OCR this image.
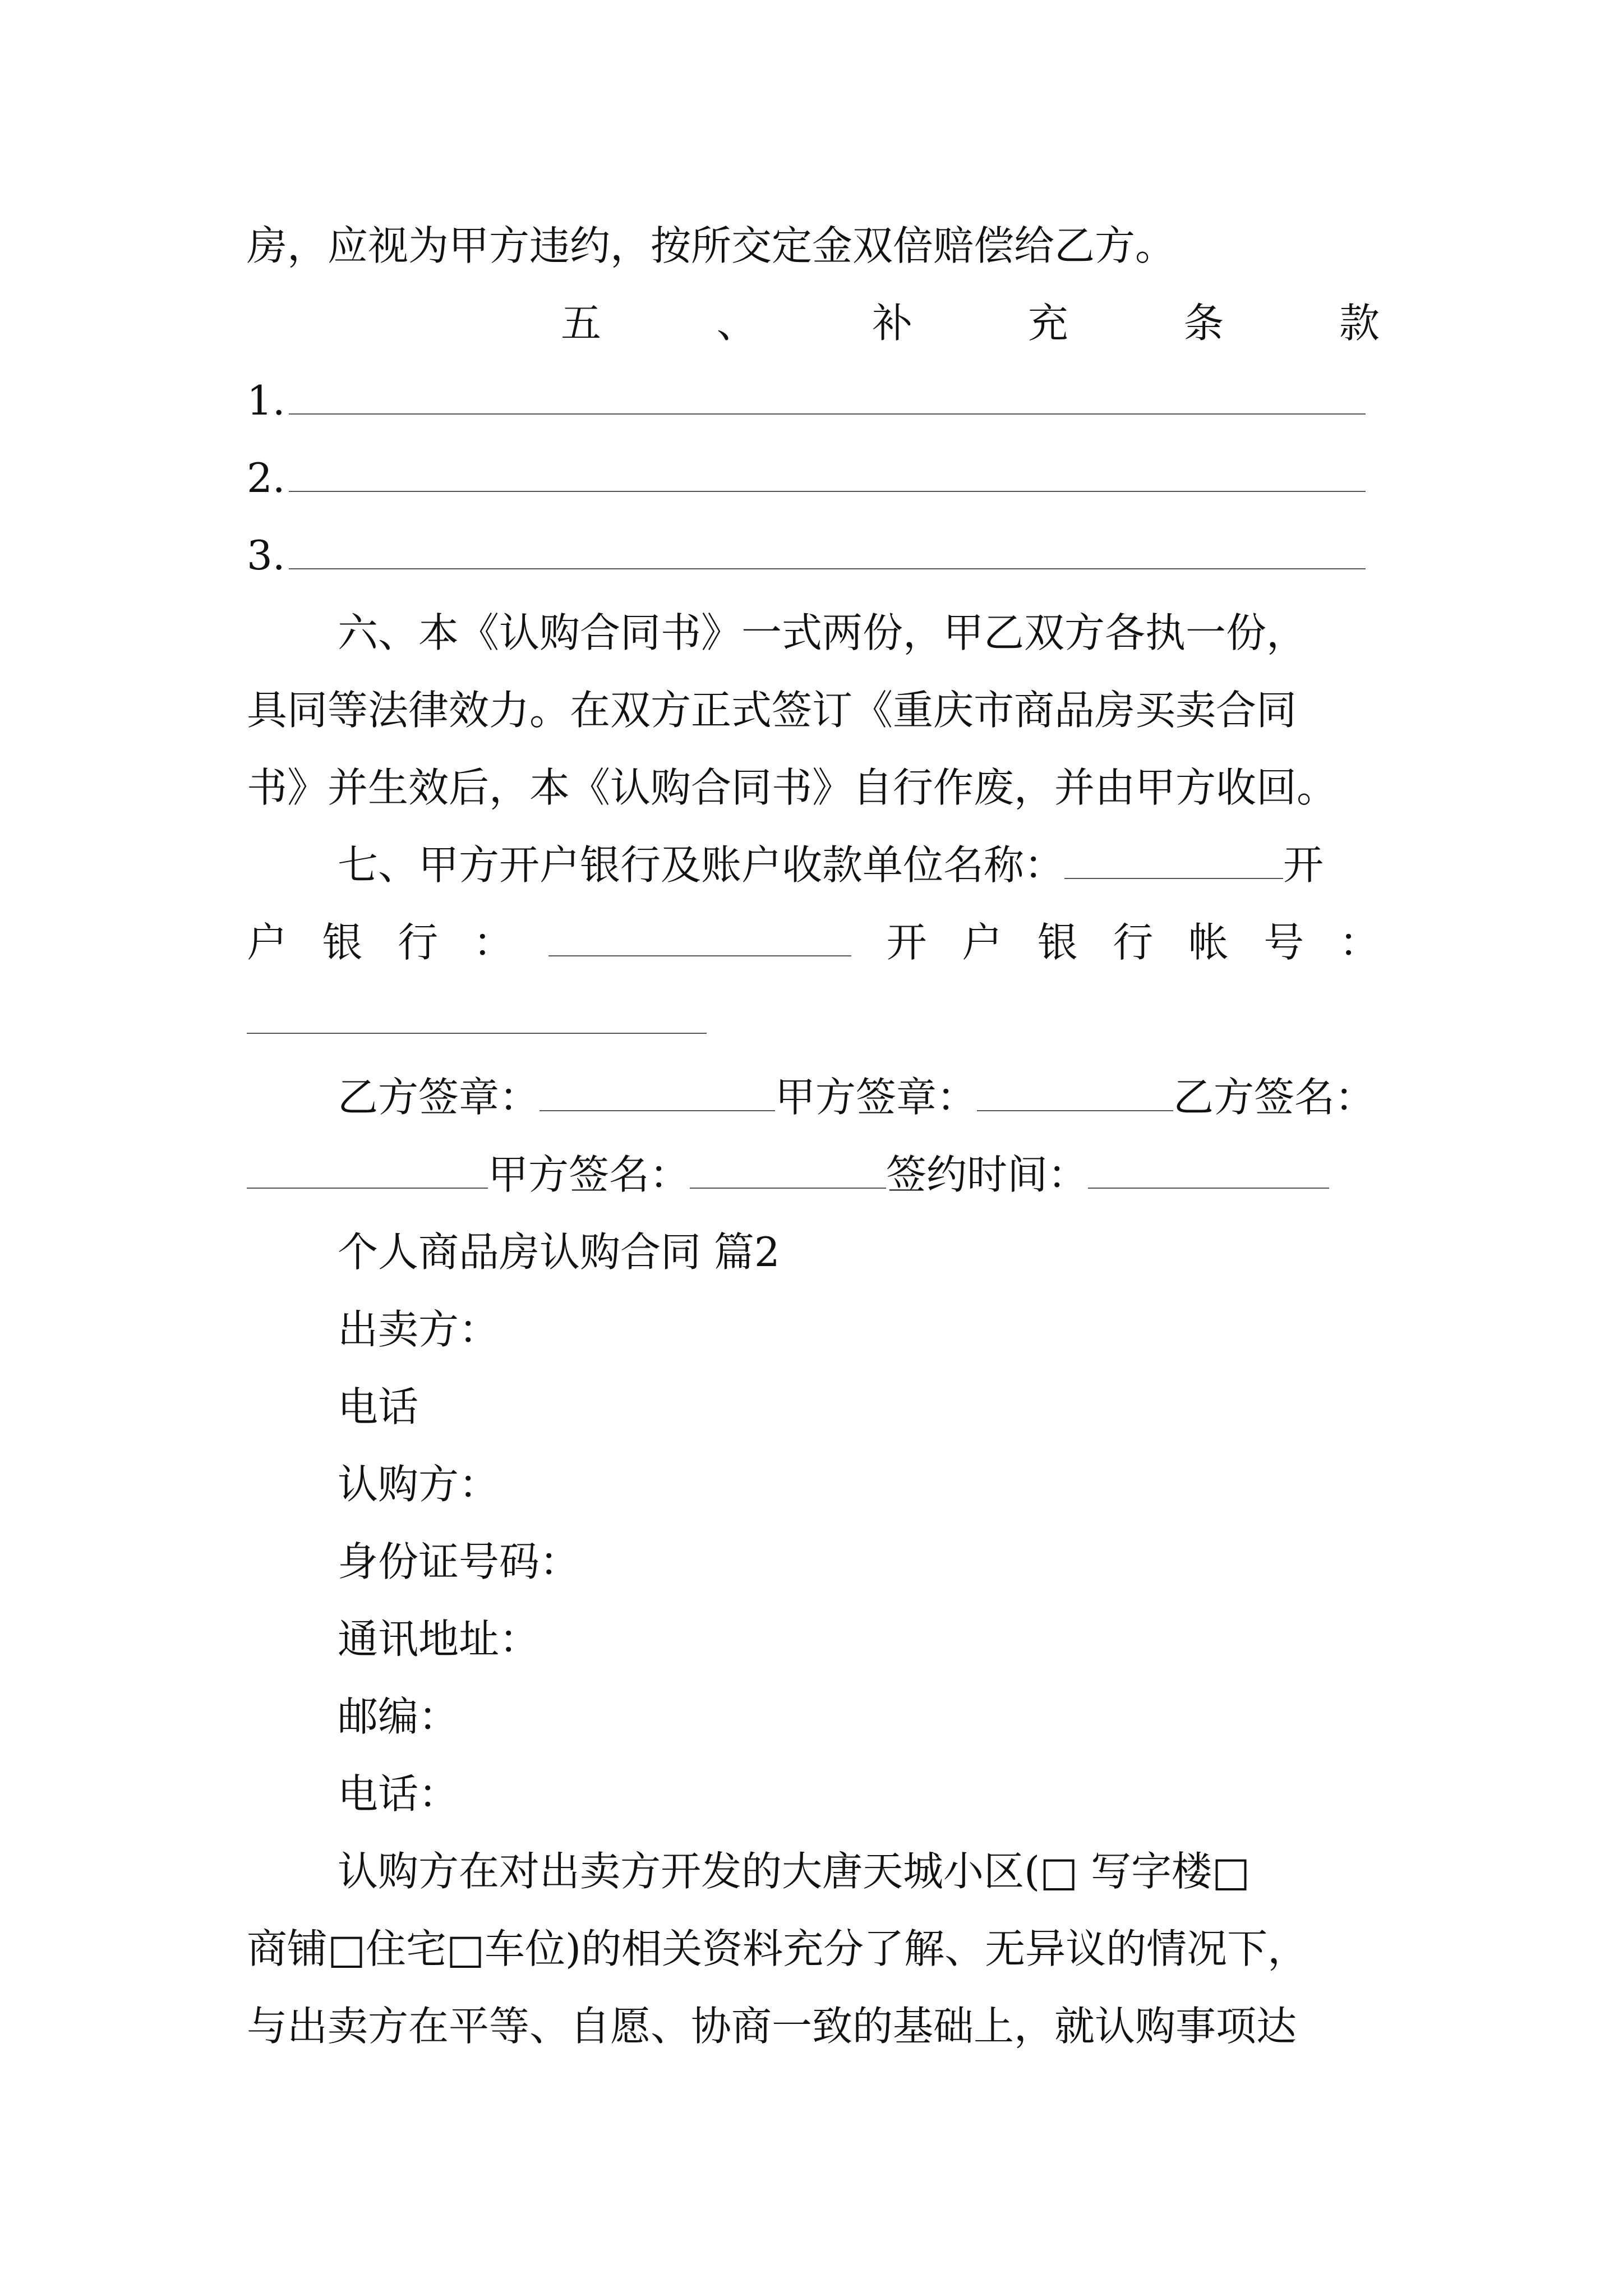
房，应视为甲方违约，按所交定金双倍赔偿给乙方。
五	、	补	充	条	款
1.
2.
3.
六、本《认购合同书》一式两份，甲乙双方各执一份，
具同等法律效力。在双方正式签订《重庆市商品房买卖合同
书》并生效后，本《认购合同书》自行作废，并由甲方收回。
七、甲方开户银行及账户收款单位名称：	开
户 银 行 ：	开 户 银 行 帐 号 ：
乙方签章：	甲方签章：	乙方签名：
甲方签名：	签约时间：
个人商品房认购合同 篇2
出卖方：
电话
认购方：
身份证号码：
通讯地址：
邮编：
电话：
认购方在对出卖方开发的大唐天城小区(□ 写字楼□
商铺□住宅□车位)的相关资料充分了解、无异议的情况下，
与出卖方在平等、自愿、协商一致的基础上，就认购事项达
